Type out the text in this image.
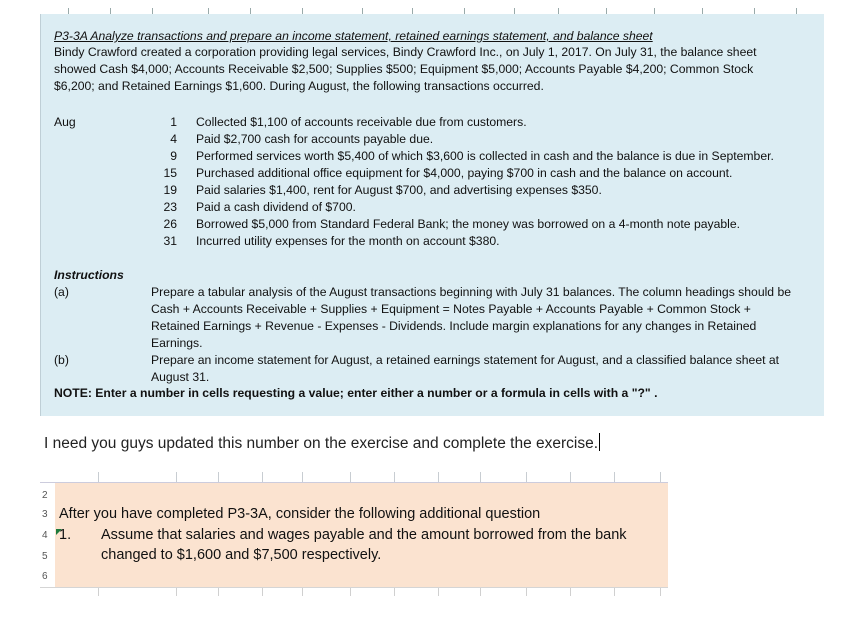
P3-3A Analyze transactions and prepare an income statement, retained earnings statement, and balance sheet
Bindy Crawford created a corporation providing legal services, Bindy Crawford Inc., on July 1, 2017. On July 31, the balance sheet showed Cash $4,000; Accounts Receivable $2,500; Supplies $500; Equipment $5,000; Accounts Payable $4,200; Common Stock $6,200; and Retained Earnings $1,600. During August, the following transactions occurred.
Aug	1 Collected $1,100 of accounts receivable due from customers.
4 Paid $2,700 cash for accounts payable due.
9 Performed services worth $5,400 of which $3,600 is collected in cash and the balance is due in September.
15 Purchased additional office equipment for $4,000, paying $700 in cash and the balance on account.
19 Paid salaries $1,400, rent for August $700, and advertising expenses $350.
23 Paid a cash dividend of $700.
26 Borrowed $5,000 from Standard Federal Bank; the money was borrowed on a 4-month note payable.
31 Incurred utility expenses for the month on account $380.
Instructions
(a)	Prepare a tabular analysis of the August transactions beginning with July 31 balances. The column headings should be Cash + Accounts Receivable + Supplies + Equipment = Notes Payable + Accounts Payable + Common Stock + Retained Earnings + Revenue - Expenses - Dividends. Include margin explanations for any changes in Retained Earnings.
(b)	Prepare an income statement for August, a retained earnings statement for August, and a classified balance sheet at August 31.
NOTE: Enter a number in cells requesting a value; enter either a number or a formula in cells with a "?" .
I need you guys updated this number on the exercise and complete the exercise.
2
3
4
5
6
After you have completed P3-3A, consider the following additional question
1. Assume that salaries and wages payable and the amount borrowed from the bank
changed to $1,600 and $7,500 respectively.
